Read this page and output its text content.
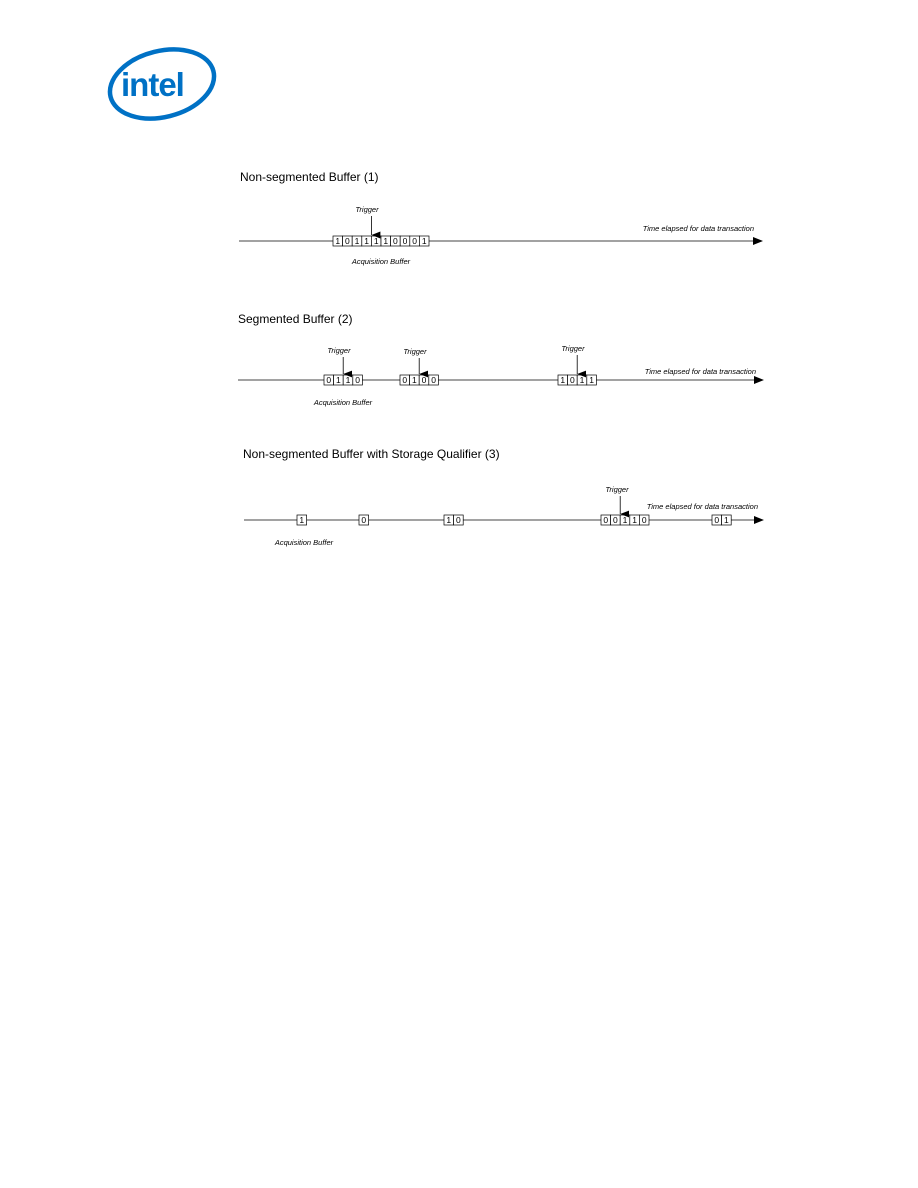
intel
Non-segmented Buffer (1)
Time elapsed for data transaction
Acquisition Buffer
1 0 1 1 1 1 0 0 0 1
Trigger
Segmented Buffer (2)
Time elapsed for data transaction
Acquisition Buffer
0 1 1 0	0 1 0 0	1 0 1 1
Trigger	Trigger	Trigger
Non-segmented Buffer with Storage Qualifier (3)
Time elapsed for data transaction
Acquisition Buffer
1	0	1 0	0 0 1 1 0	0 1
Trigger
